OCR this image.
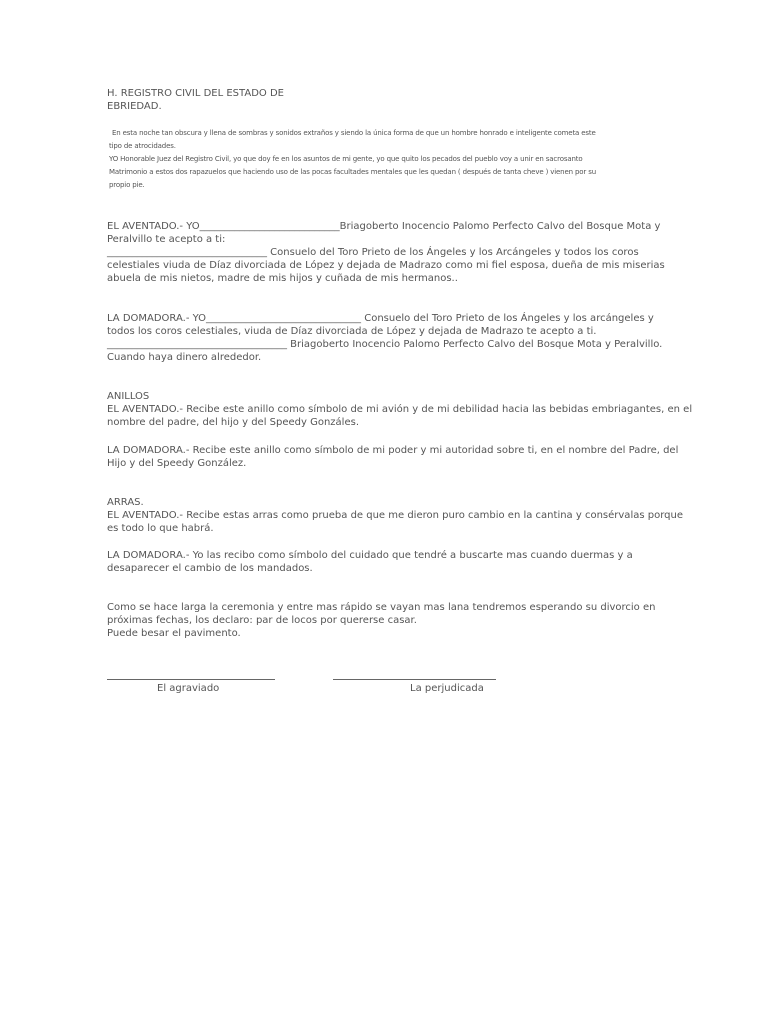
H. REGISTRO CIVIL DEL ESTADO DE
EBRIEDAD.
En esta noche tan obscura y llena de sombras y sonidos extraños y siendo la única forma de que un hombre honrado e inteligente cometa este
tipo de atrocidades.
YO Honorable Juez del Registro Civil, yo que doy fe en los asuntos de mi gente, yo que quito los pecados del pueblo voy a unir en sacrosanto
Matrimonio a estos dos rapazuelos que haciendo uso de las pocas facultades mentales que les quedan ( después de tanta cheve ) vienen por su
propio pie.
EL AVENTADO.- YO____________________________Briagoberto Inocencio Palomo Perfecto Calvo del Bosque Mota y
Peralvillo te acepto a ti:
________________________________ Consuelo del Toro Prieto de los Ángeles y los Arcángeles y todos los coros
celestiales viuda de Díaz divorciada de López y dejada de Madrazo como mi fiel esposa, dueña de mis miserias
abuela de mis nietos, madre de mis hijos y cuñada de mis hermanos..
LA DOMADORA.- YO_______________________________ Consuelo del Toro Prieto de los Ángeles y los arcángeles y
todos los coros celestiales, viuda de Díaz divorciada de López y dejada de Madrazo te acepto a ti.
____________________________________ Briagoberto Inocencio Palomo Perfecto Calvo del Bosque Mota y Peralvillo.
Cuando haya dinero alrededor.
ANILLOS
EL AVENTADO.- Recibe este anillo como símbolo de mi avión y de mi debilidad hacia las bebidas embriagantes, en el
nombre del padre, del hijo y del Speedy Gonzáles.
LA DOMADORA.- Recibe este anillo como símbolo de mi poder y mi autoridad sobre ti, en el nombre del Padre, del
Hijo y del Speedy González.
ARRAS.
EL AVENTADO.- Recibe estas arras como prueba de que me dieron puro cambio en la cantina y consérvalas porque
es todo lo que habrá.
LA DOMADORA.- Yo las recibo como símbolo del cuidado que tendré a buscarte mas cuando duermas y a
desaparecer el cambio de los mandados.
Como se hace larga la ceremonia y entre mas rápido se vayan mas lana tendremos esperando su divorcio en
próximas fechas, los declaro: par de locos por quererse casar.
Puede besar el pavimento.
El agraviado	La perjudicada
